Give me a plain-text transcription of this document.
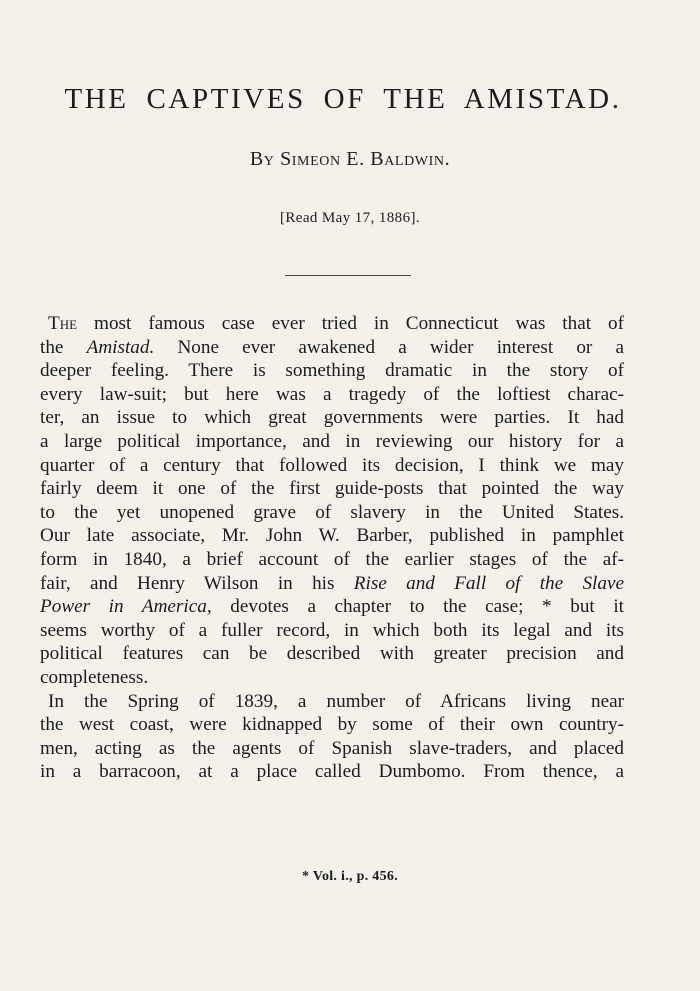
THE CAPTIVES OF THE AMISTAD.
By Simeon E. Baldwin.
[Read May 17, 1886].
The most famous case ever tried in Connecticut was that of
the Amistad. None ever awakened a wider interest or a
deeper feeling. There is something dramatic in the story of
every law-suit; but here was a tragedy of the loftiest charac-
ter, an issue to which great governments were parties. It had
a large political importance, and in reviewing our history for a
quarter of a century that followed its decision, I think we may
fairly deem it one of the first guide-posts that pointed the way
to the yet unopened grave of slavery in the United States.
Our late associate, Mr. John W. Barber, published in pamphlet
form in 1840, a brief account of the earlier stages of the af-
fair, and Henry Wilson in his Rise and Fall of the Slave
Power in America, devotes a chapter to the case; * but it
seems worthy of a fuller record, in which both its legal and its
political features can be described with greater precision and
completeness.
In the Spring of 1839, a number of Africans living near
the west coast, were kidnapped by some of their own country-
men, acting as the agents of Spanish slave-traders, and placed
in a barracoon, at a place called Dumbomo. From thence, a
* Vol. i., p. 456.
